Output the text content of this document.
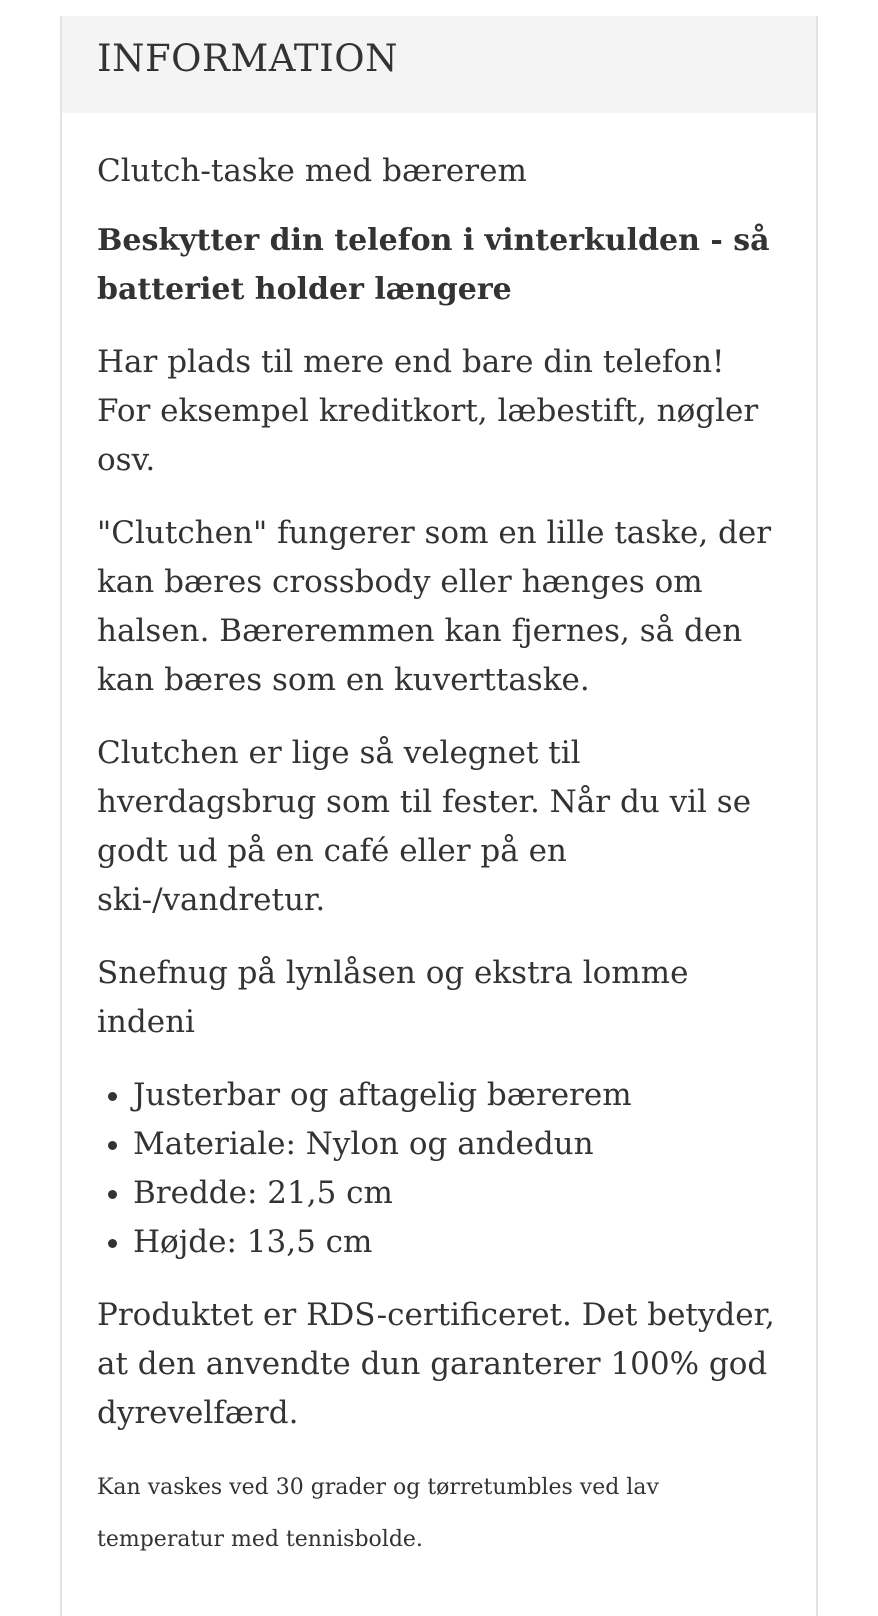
INFORMATION

Clutch-taske med bærerem

Beskytter din telefon i vinterkulden - så batteriet holder længere

Har plads til mere end bare din telefon! For eksempel kreditkort, læbestift, nøgler osv.

"Clutchen" fungerer som en lille taske, der kan bæres crossbody eller hænges om halsen. Bæreremmen kan fjernes, så den kan bæres som en kuverttaske.

Clutchen er lige så velegnet til hverdagsbrug som til fester. Når du vil se godt ud på en café eller på en ski-/vandretur.

Snefnug på lynlåsen og ekstra lomme indeni

• Justerbar og aftagelig bærerem
• Materiale: Nylon og andedun
• Bredde: 21,5 cm
• Højde: 13,5 cm

Produktet er RDS-certificeret. Det betyder, at den anvendte dun garanterer 100% god dyrevelfærd.

Kan vaskes ved 30 grader og tørretumbles ved lav temperatur med tennisbolde.
